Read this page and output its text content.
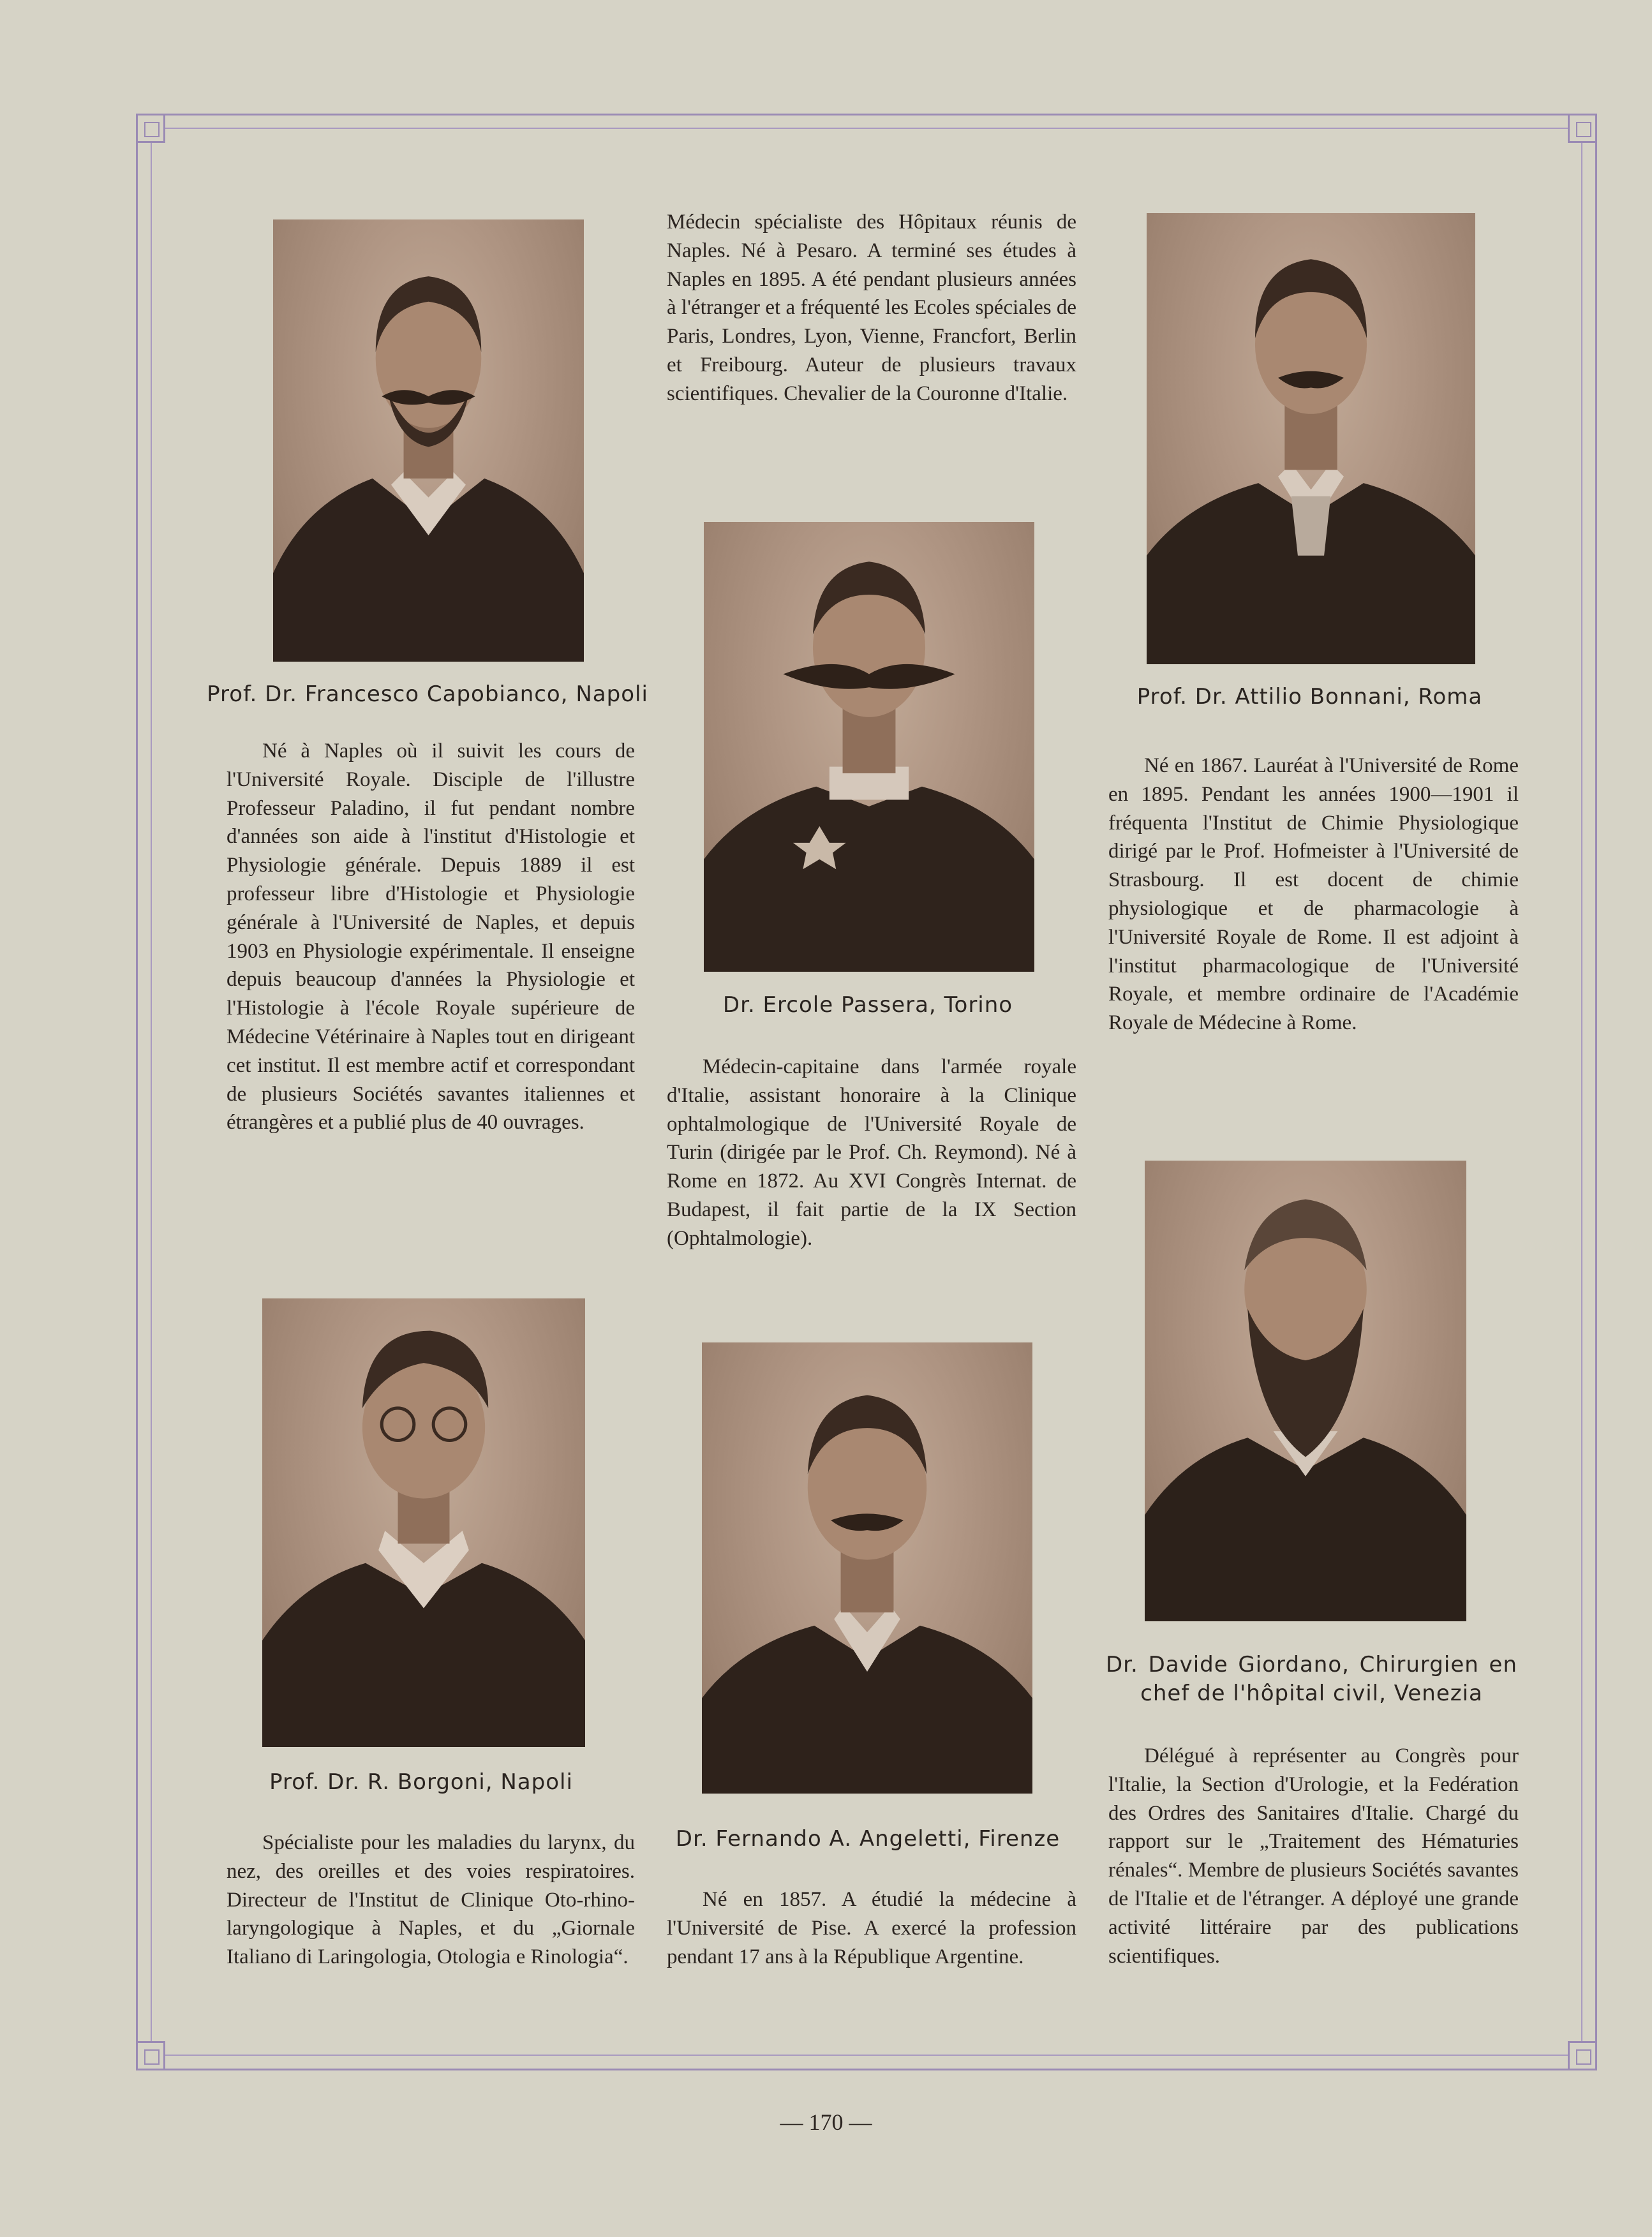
Prof. Dr. Francesco Capobianco, Napoli

Né à Naples où il suivit les cours de l'Université Royale. Disciple de l'illustre Professeur Paladino, il fut pendant nombre d'années son aide à l'institut d'Histologie et Physiologie générale. Depuis 1889 il est professeur libre d'Histologie et Physiologie générale à l'Université de Naples, et depuis 1903 en Physiologie expérimentale. Il enseigne depuis beaucoup d'années la Physiologie et l'Histologie à l'école Royale supérieure de Médecine Vétérinaire à Naples tout en dirigeant cet institut. Il est membre actif et correspondant de plusieurs Sociétés savantes italiennes et étrangères et a publié plus de 40 ouvrages.

Médecin spécialiste des Hôpitaux réunis de Naples. Né à Pesaro. A terminé ses études à Naples en 1895. A été pendant plusieurs années à l'étranger et a fréquenté les Ecoles spéciales de Paris, Londres, Lyon, Vienne, Francfort, Berlin et Freibourg. Auteur de plusieurs travaux scientifiques. Chevalier de la Couronne d'Italie.

Dr. Ercole Passera, Torino

Médecin-capitaine dans l'armée royale d'Italie, assistant honoraire à la Clinique ophtalmologique de l'Université Royale de Turin (dirigée par le Prof. Ch. Reymond). Né à Rome en 1872. Au XVI Congrès Internat. de Budapest, il fait partie de la IX Section (Ophtalmologie).

Prof. Dr. Attilio Bonnani, Roma

Né en 1867. Lauréat à l'Université de Rome en 1895. Pendant les années 1900—1901 il fréquenta l'Institut de Chimie Physiologique dirigé par le Prof. Hofmeister à l'Université de Strasbourg. Il est docent de chimie physiologique et de pharmacologie à l'Université Royale de Rome. Il est adjoint à l'institut pharmacologique de l'Université Royale, et membre ordinaire de l'Académie Royale de Médecine à Rome.

Prof. Dr. R. Borgoni, Napoli

Spécialiste pour les maladies du larynx, du nez, des oreilles et des voies respiratoires. Directeur de l'Institut de Clinique Oto-rhino-laryngologique à Naples, et du „Giornale Italiano di Laringologia, Otologia e Rinologia“.

Dr. Fernando A. Angeletti, Firenze

Né en 1857. A étudié la médecine à l'Université de Pise. A exercé la profession pendant 17 ans à la République Argentine.

Dr. Davide Giordano, Chirurgien en chef de l'hôpital civil, Venezia

Délégué à représenter au Congrès pour l'Italie, la Section d'Urologie, et la Fedération des Ordres des Sanitaires d'Italie. Chargé du rapport sur le „Traitement des Hématuries rénales“. Membre de plusieurs Sociétés savantes de l'Italie et de l'étranger. A déployé une grande activité littéraire par des publications scientifiques.

— 170 —
